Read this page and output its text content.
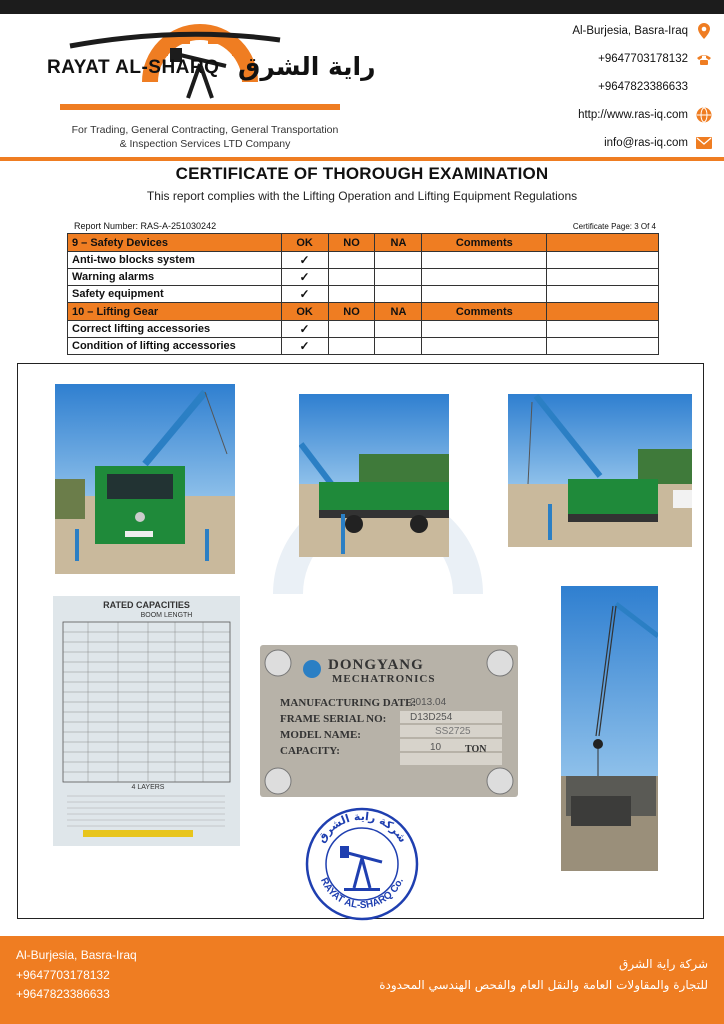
RAYAT AL-SHARQ راية الشرق
For Trading, General Contracting, General Transportation
& Inspection Services LTD Company
Al-Burjesia, Basra-Iraq
+9647703178132
+9647823386633
http://www.ras-iq.com
info@ras-iq.com
CERTIFICATE OF THOROUGH EXAMINATION
This report complies with the Lifting Operation and Lifting Equipment Regulations
Report Number: RAS-A-251030242	Certificate Page: 3 Of 4
9 – Safety Devices	OK	NO	NA	Comments	
Anti-two blocks system	✓				
Warning alarms	✓				
Safety equipment	✓				
10 – Lifting Gear	OK	NO	NA	Comments	
Correct lifting accessories	✓				
Condition of lifting accessories	✓				
RATED CAPACITIES
BOOM LENGTH
4 LAYERS
DONGYANG
MECHATRONICS
MANUFACTURING DATE:
2013.04
FRAME SERIAL NO: D13D254
MODEL NAME:	SS2725
CAPACITY:	10 TON
شركة راية الشرق
RAYAT AL-SHARQ Co.
Al-Burjesia, Basra-Iraq
+9647703178132
+9647823386633
شركة راية الشرق
للتجارة والمقاولات العامة والنقل العام والفحص الهندسي المحدودة
